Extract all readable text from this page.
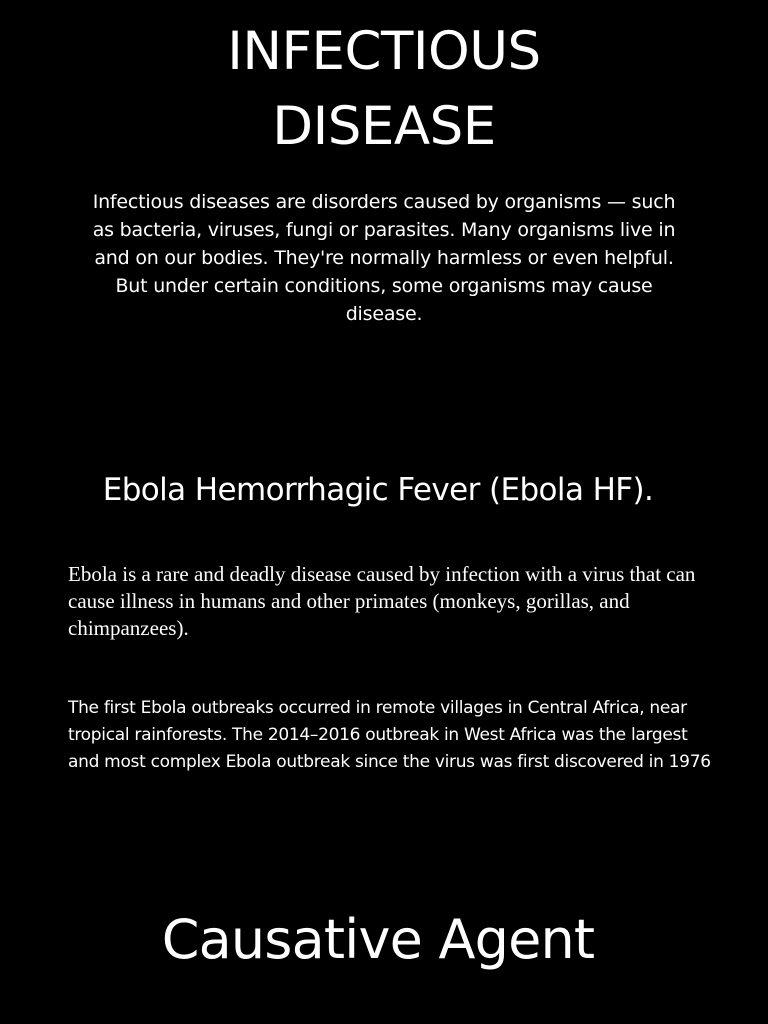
INFECTIOUS
DISEASE

Infectious diseases are disorders caused by organisms — such as bacteria, viruses, fungi or parasites. Many organisms live in and on our bodies. They're normally harmless or even helpful. But under certain conditions, some organisms may cause disease.

Ebola Hemorrhagic Fever (Ebola HF).

Ebola is a rare and deadly disease caused by infection with a virus that can cause illness in humans and other primates (monkeys, gorillas, and chimpanzees).

The first Ebola outbreaks occurred in remote villages in Central Africa, near tropical rainforests. The 2014–2016 outbreak in West Africa was the largest and most complex Ebola outbreak since the virus was first discovered in 1976

Causative Agent
